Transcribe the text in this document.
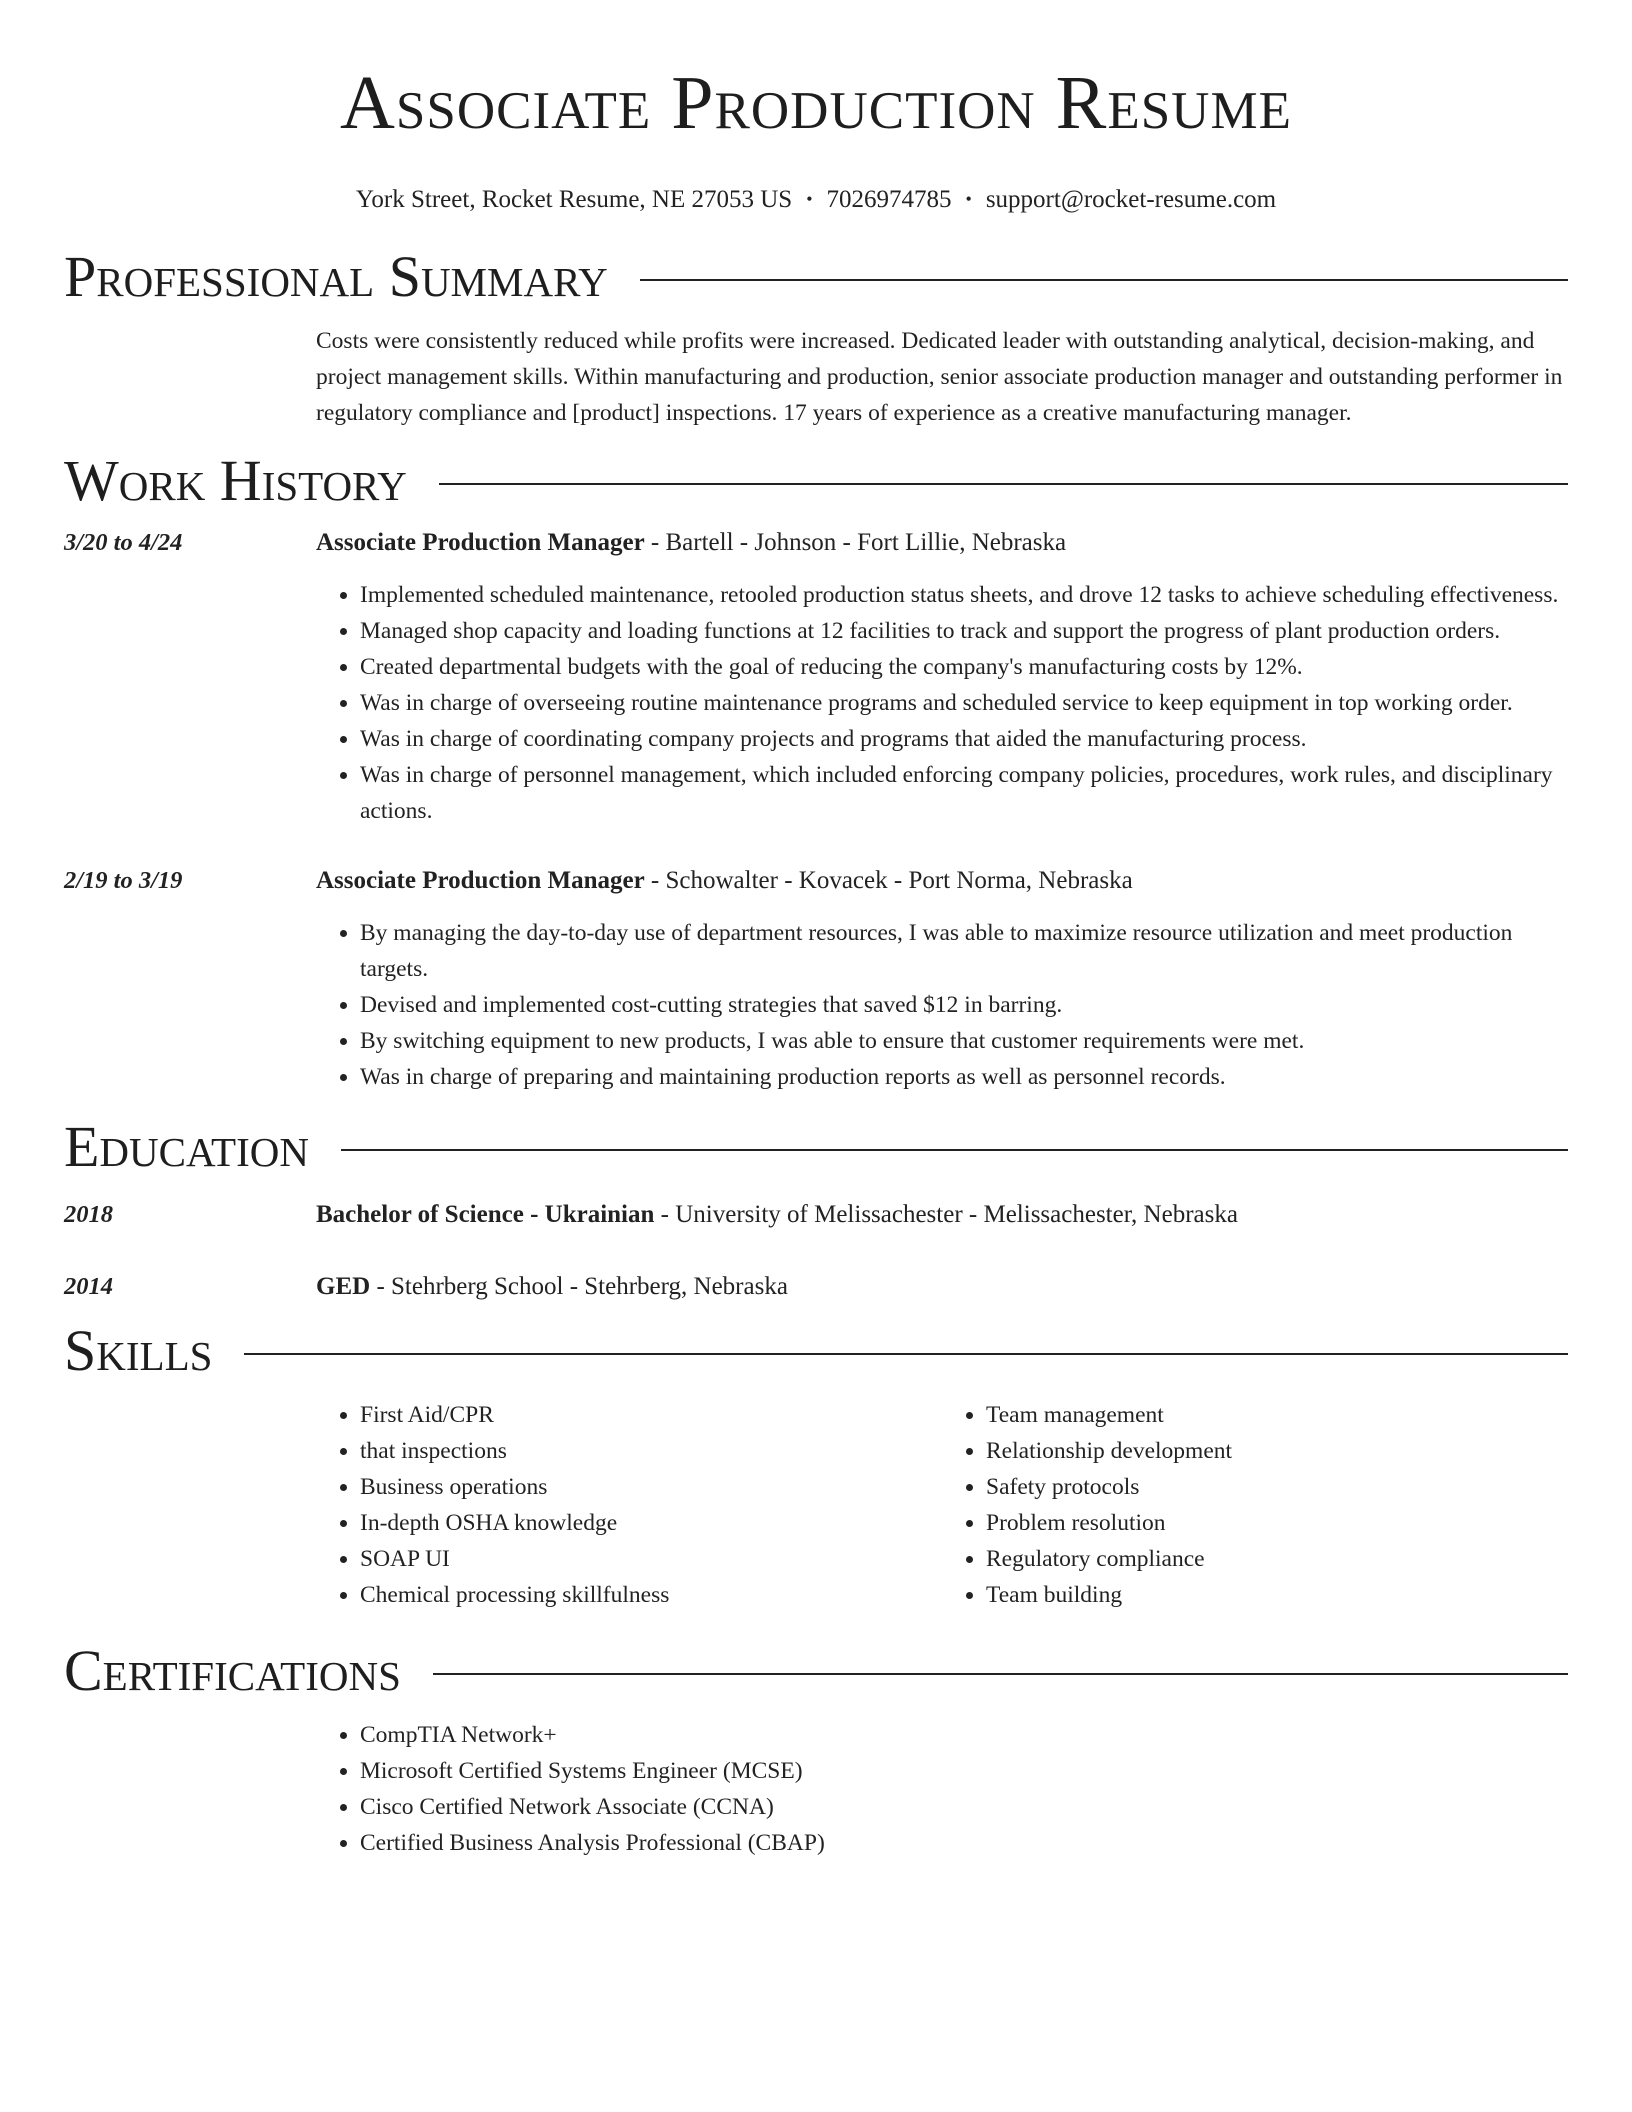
Associate Production Resume
York Street, Rocket Resume, NE 27053 US • 7026974785 • support@rocket-resume.com
Professional Summary

Costs were consistently reduced while profits were increased. Dedicated leader with outstanding analytical, decision-making, and project management skills. Within manufacturing and production, senior associate production manager and outstanding performer in regulatory compliance and [product] inspections. 17 years of experience as a creative manufacturing manager.

Work History
3/20 to 4/24	Associate Production Manager - Bartell - Johnson - Fort Lillie, Nebraska
• Implemented scheduled maintenance, retooled production status sheets, and drove 12 tasks to achieve scheduling effectiveness.
• Managed shop capacity and loading functions at 12 facilities to track and support the progress of plant production orders.
• Created departmental budgets with the goal of reducing the company's manufacturing costs by 12%.
• Was in charge of overseeing routine maintenance programs and scheduled service to keep equipment in top working order.
• Was in charge of coordinating company projects and programs that aided the manufacturing process.
• Was in charge of personnel management, which included enforcing company policies, procedures, work rules, and disciplinary actions.
2/19 to 3/19	Associate Production Manager - Schowalter - Kovacek - Port Norma, Nebraska
• By managing the day-to-day use of department resources, I was able to maximize resource utilization and meet production targets.
• Devised and implemented cost-cutting strategies that saved $12 in barring.
• By switching equipment to new products, I was able to ensure that customer requirements were met.
• Was in charge of preparing and maintaining production reports as well as personnel records.
Education
2018	Bachelor of Science - Ukrainian - University of Melissachester - Melissachester, Nebraska
2014	GED - Stehrberg School - Stehrberg, Nebraska
Skills
• First Aid/CPR
• that inspections
• Business operations
• In-depth OSHA knowledge
• SOAP UI
• Chemical processing skillfulness
• Team management
• Relationship development
• Safety protocols
• Problem resolution
• Regulatory compliance
• Team building
Certifications
• CompTIA Network+
• Microsoft Certified Systems Engineer (MCSE)
• Cisco Certified Network Associate (CCNA)
• Certified Business Analysis Professional (CBAP)
